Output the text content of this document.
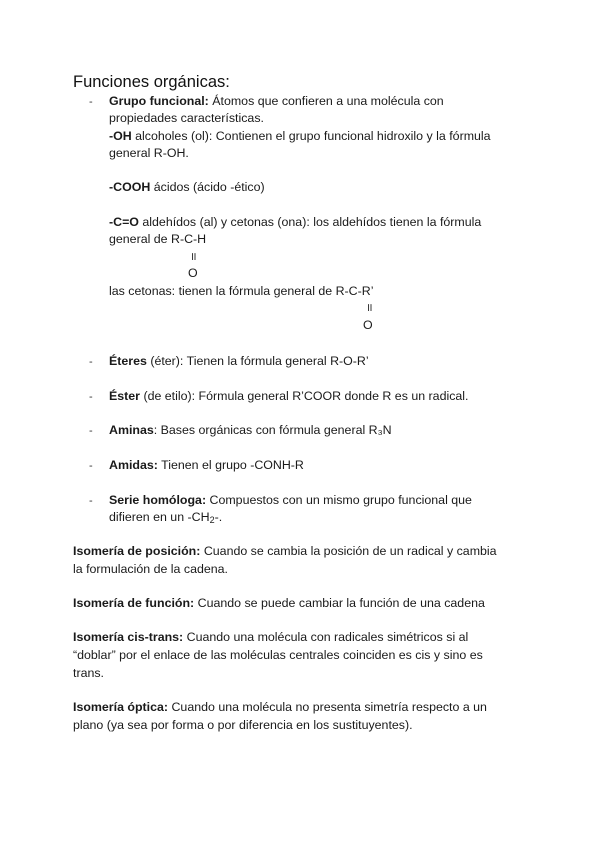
Funciones orgánicas:
- Grupo funcional: Átomos que confieren a una molécula con
propiedades características.
-OH alcoholes (ol): Contienen el grupo funcional hidroxilo y la fórmula
general R-OH.
-COOH ácidos (ácido -ético)
-C=O aldehídos (al) y cetonas (ona): los aldehídos tienen la fórmula
general de R-C-H
॥
O
las cetonas: tienen la fórmula general de R-C-R’
॥
O
- Éteres (éter): Tienen la fórmula general R-O-R’
- Éster (de etilo): Fórmula general R’COOR donde R es un radical.
- Aminas: Bases orgánicas con fórmula general R₃N
- Amidas: Tienen el grupo -CONH-R
- Serie homóloga: Compuestos con un mismo grupo funcional que
difieren en un $-CH_2-$.
Isomería de posición: Cuando se cambia la posición de un radical y cambia
la formulación de la cadena.
Isomería de función: Cuando se puede cambiar la función de una cadena
Isomería cis-trans: Cuando una molécula con radicales simétricos si al
“doblar” por el enlace de las moléculas centrales coinciden es cis y sino es
trans.
Isomería óptica: Cuando una molécula no presenta simetría respecto a un
plano (ya sea por forma o por diferencia en los sustituyentes).
